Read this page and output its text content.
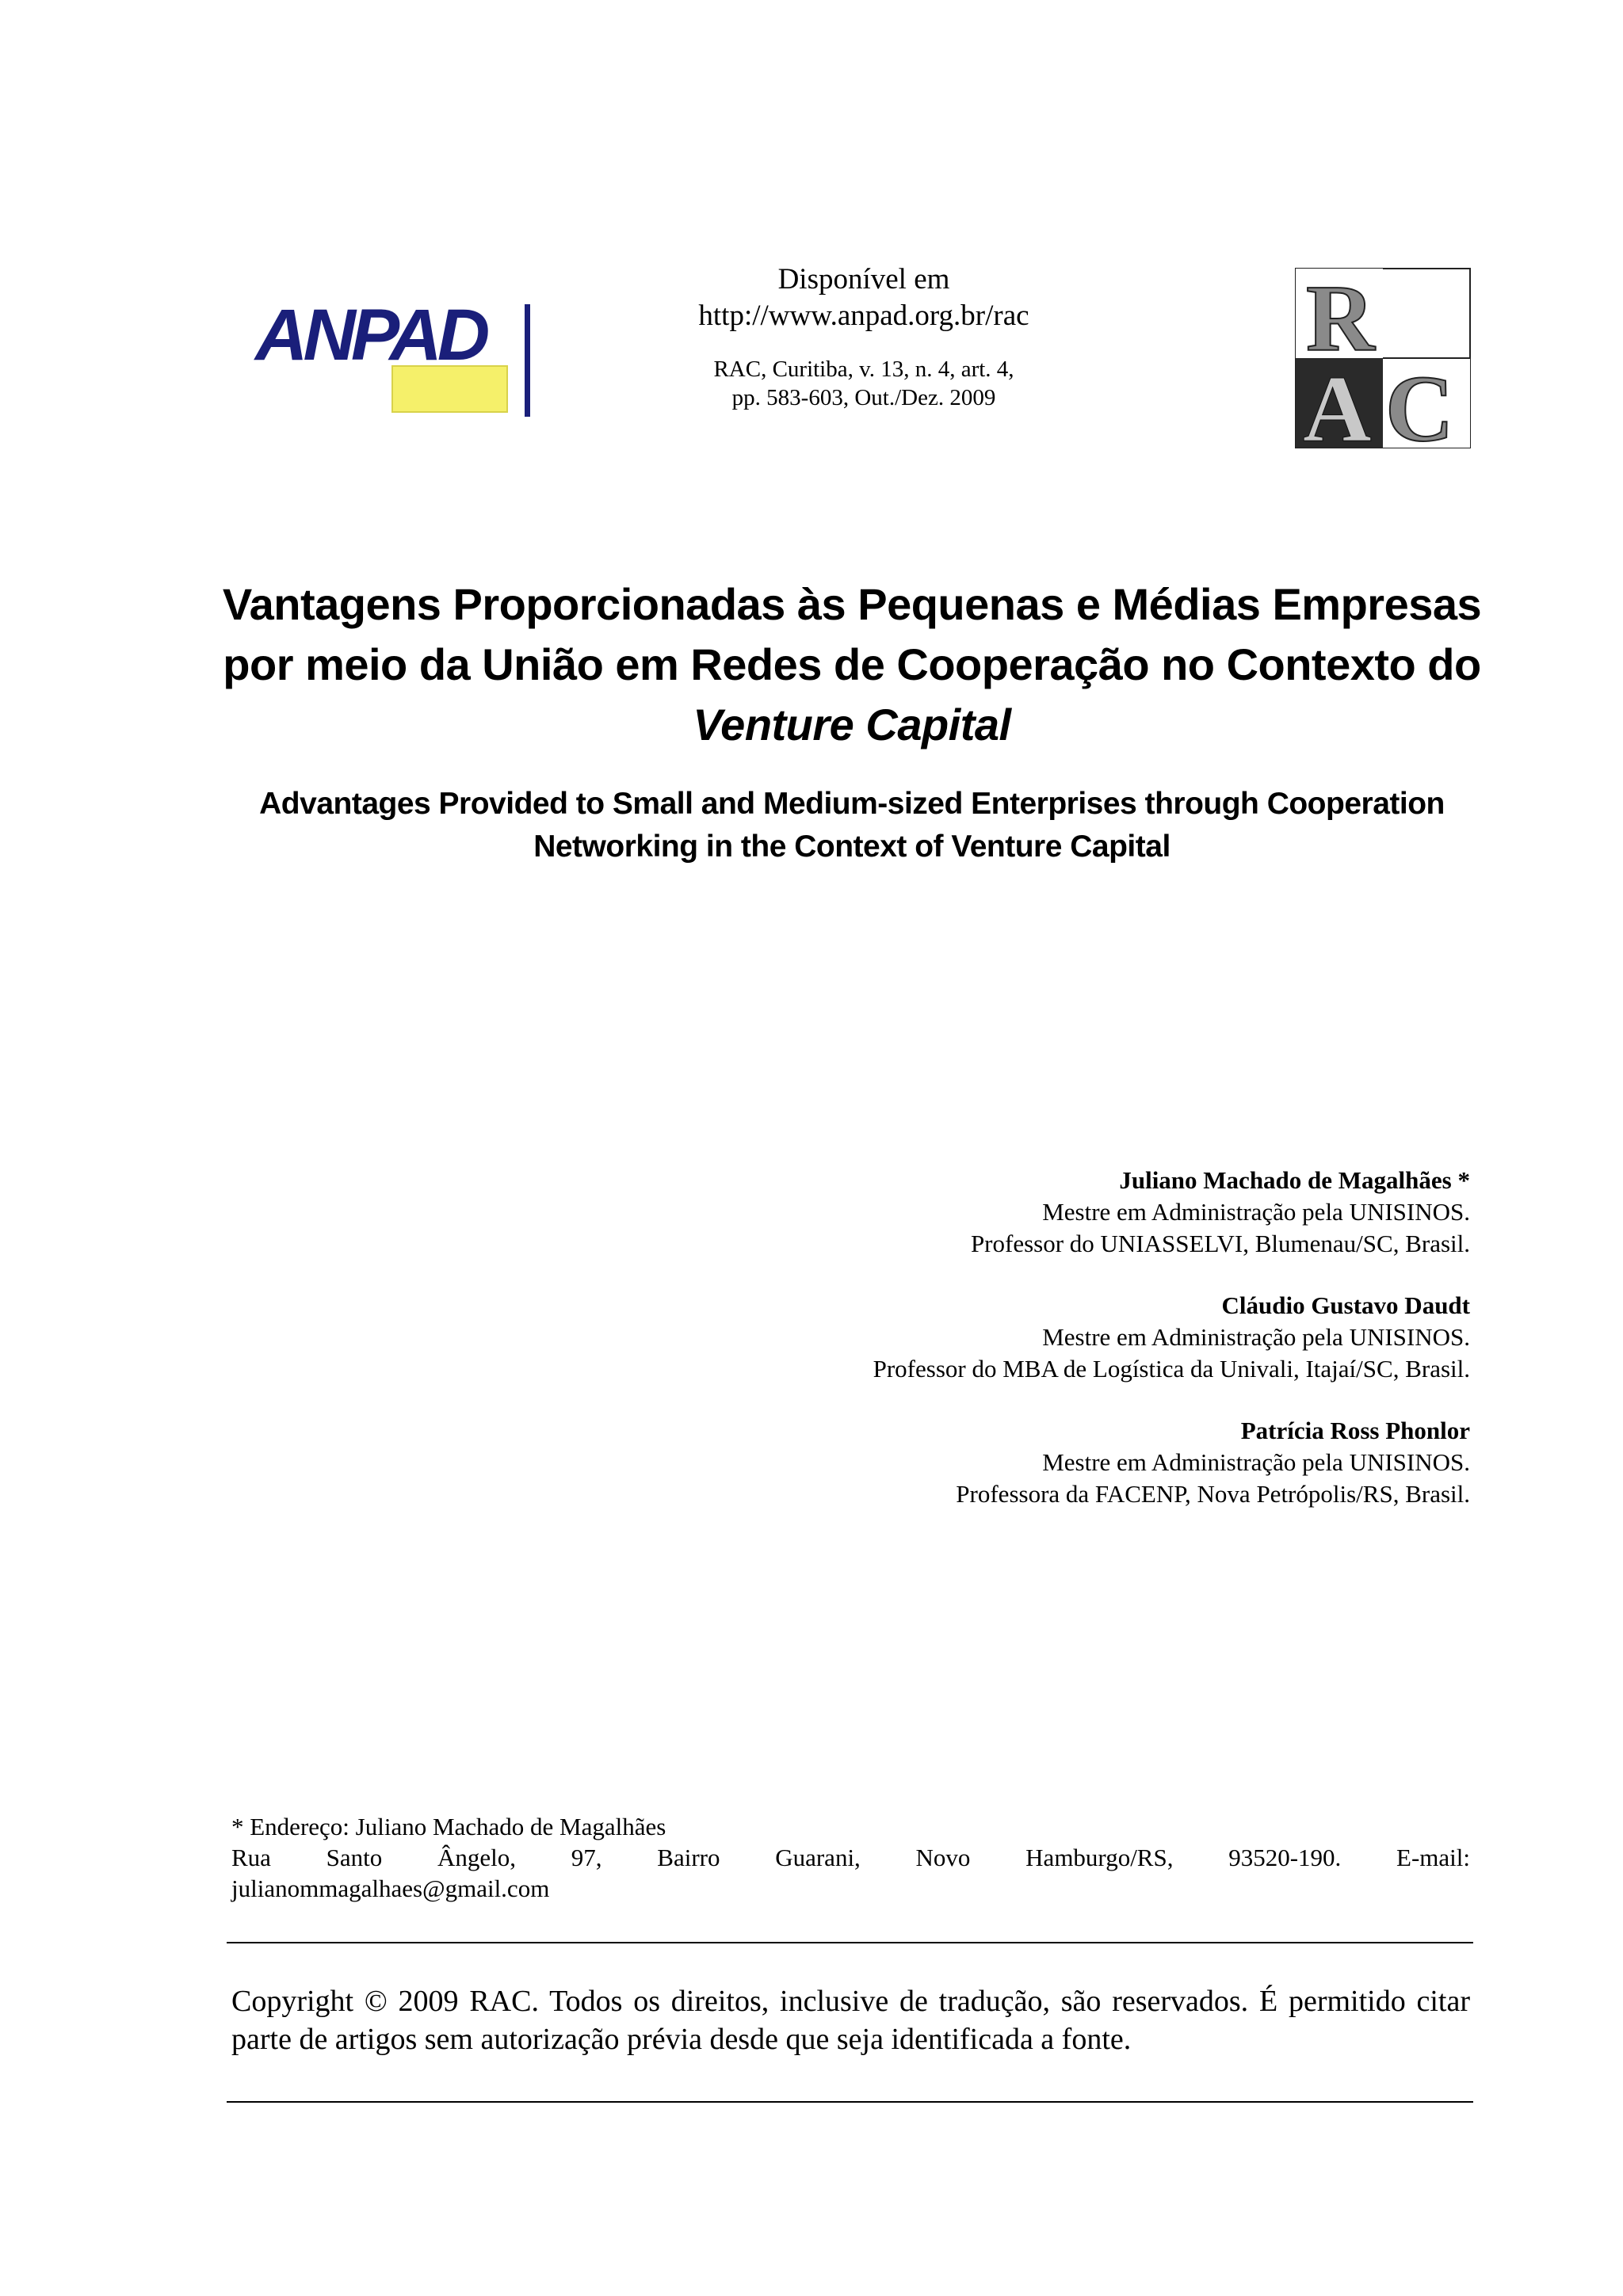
ANPAD
Disponível em
http://www.anpad.org.br/rac
RAC, Curitiba, v. 13, n. 4, art. 4,
pp. 583-603, Out./Dez. 2009
R
A C
Vantagens Proporcionadas às Pequenas e Médias Empresas por meio da União em Redes de Cooperação no Contexto do Venture Capital
Advantages Provided to Small and Medium-sized Enterprises through Cooperation Networking in the Context of Venture Capital
Juliano Machado de Magalhães *
Mestre em Administração pela UNISINOS.
Professor do UNIASSELVI, Blumenau/SC, Brasil.
Cláudio Gustavo Daudt
Mestre em Administração pela UNISINOS.
Professor do MBA de Logística da Univali, Itajaí/SC, Brasil.
Patrícia Ross Phonlor
Mestre em Administração pela UNISINOS.
Professora da FACENP, Nova Petrópolis/RS, Brasil.
* Endereço: Juliano Machado de Magalhães
Rua Santo Ângelo, 97, Bairro Guarani, Novo Hamburgo/RS, 93520-190. E-mail:
julianommagalhaes@gmail.com
Copyright © 2009 RAC. Todos os direitos, inclusive de tradução, são reservados. É permitido citar parte de artigos sem autorização prévia desde que seja identificada a fonte.
